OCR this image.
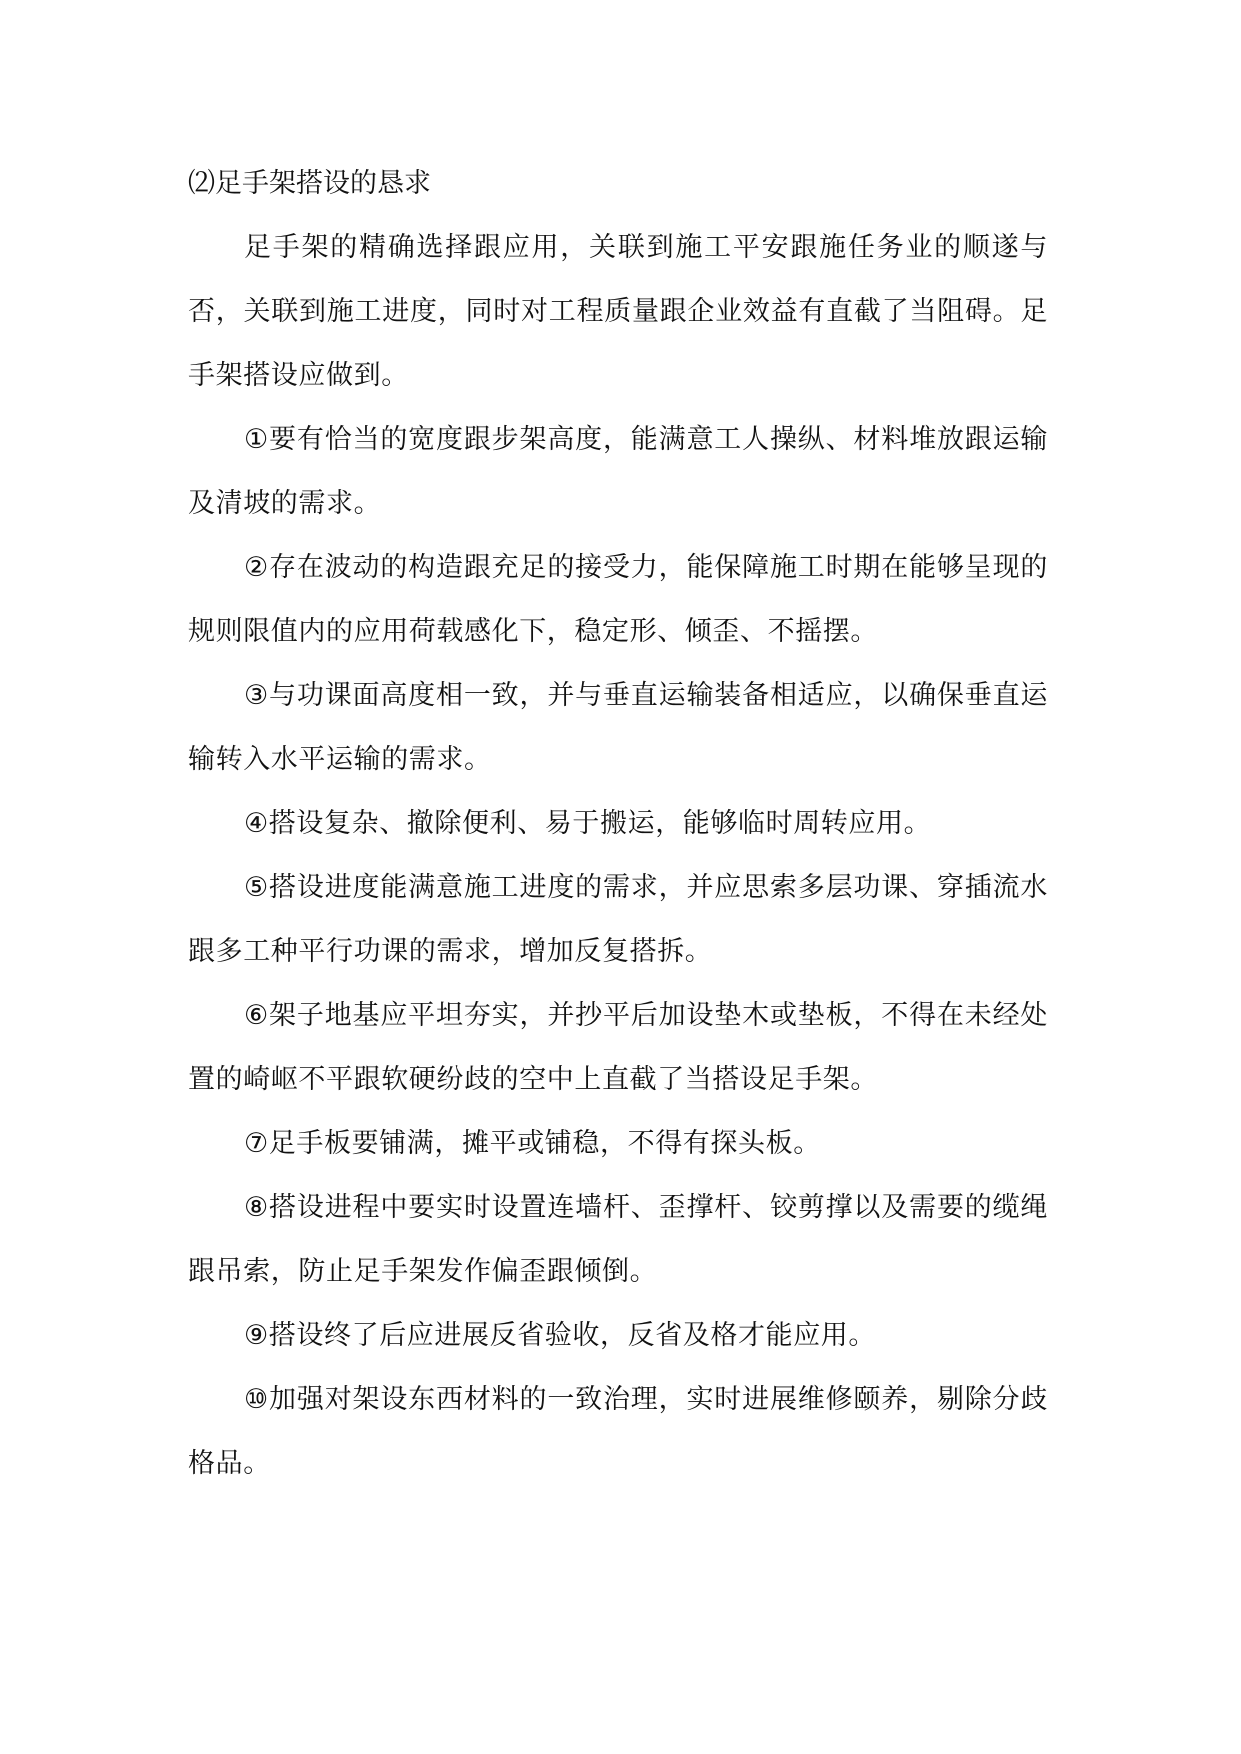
⑵足手架搭设的恳求

足手架的精确选择跟应用，关联到施工平安跟施任务业的顺遂与否，关联到施工进度，同时对工程质量跟企业效益有直截了当阻碍。足手架搭设应做到。

①要有恰当的宽度跟步架高度，能满意工人操纵、材料堆放跟运输及清坡的需求。

②存在波动的构造跟充足的接受力，能保障施工时期在能够呈现的规则限值内的应用荷载感化下，稳定形、倾歪、不摇摆。

③与功课面高度相一致，并与垂直运输装备相适应，以确保垂直运输转入水平运输的需求。

④搭设复杂、撤除便利、易于搬运，能够临时周转应用。

⑤搭设进度能满意施工进度的需求，并应思索多层功课、穿插流水跟多工种平行功课的需求，增加反复搭拆。

⑥架子地基应平坦夯实，并抄平后加设垫木或垫板，不得在未经处置的崎岖不平跟软硬纷歧的空中上直截了当搭设足手架。

⑦足手板要铺满，摊平或铺稳，不得有探头板。

⑧搭设进程中要实时设置连墙杆、歪撑杆、铰剪撑以及需要的缆绳跟吊索，防止足手架发作偏歪跟倾倒。

⑨搭设终了后应进展反省验收，反省及格才能应用。

⑩加强对架设东西材料的一致治理，实时进展维修颐养，剔除分歧格品。
